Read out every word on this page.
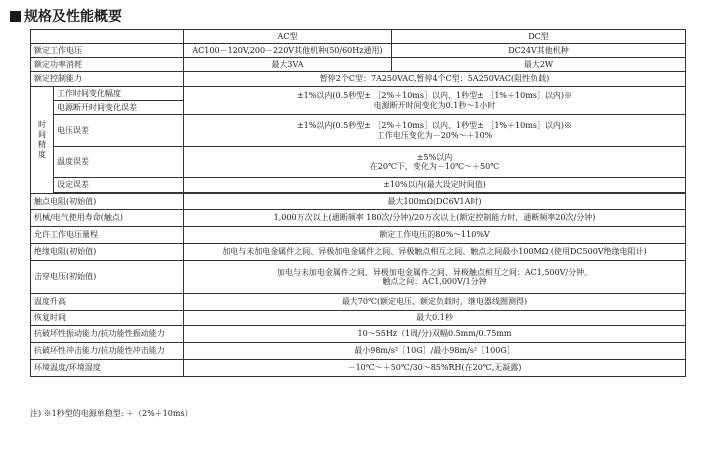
规格及性能概要
		AC型	DC型
额定工作电压		AC100－120V,200－220V其他机种(50/60Hz通用)	DC24V其他机种
额定功率消耗		最大3VA	最大2W
额定控制能力		暂停2个C型：7A250VAC,暂停4个C型：5A250VAC(阻性负载)	
时间精度	工作时间变化幅度	±1%以内(0.5秒型± ［2%＋10ms］以内、1秒型± ［1%＋10ms］以内)※
电源断开时间变化为0.1秒～1小时	

	电源断开时间变化误差		
	电压误差	±1%以内(0.5秒型± ［2%＋10ms］以内、1秒型± ［1%＋10ms］以内)※
工作电压变化为－20%～＋10%	

	温度误差	±5%以内
在20℃下，变化为－10℃～＋50℃	

	设定误差	±10%以内(最大设定时间值)	

触点电阻(初始值)		最大100mΩ(DC6V1A时)	
机械/电气使用寿命(触点)		1,000万次以上(通断频率 180次/分钟)/20万次以上(额定控制能力时，通断频率20次/分钟)	
允许工作电压量程		额定工作电压的80%～110%V	
绝缘电阻(初始值)		加电与未加电金属件之间、异极加电金属件之间、异极触点相互之间、触点之间最小100MΩ (使用DC500V绝缘电阻计)	
击穿电压(初始值)		加电与未加电金属件之间、异极加电金属件之间、异极触点相互之间：AC1,500V/分钟、
触点之间：AC1,000V/1分钟	

温度升高		最大70℃(额定电压、额定负载时，继电器线圈测得)	
恢复时间		最大0.1秒	
抗破坏性振动能力/抗功能性振动能力		10～55Hz（1周/分)双幅0.5mm/0.75mm	
抗破坏性冲击能力/抗功能性冲击能力		最小98m/s²［10G］/最小98m/s²［100G］	
环境温度/环境湿度		－10℃～＋50℃/30～85%RH(在20℃,无凝露)	
注) ※1秒型的电源单稳型: ＋（2%＋10ms）
